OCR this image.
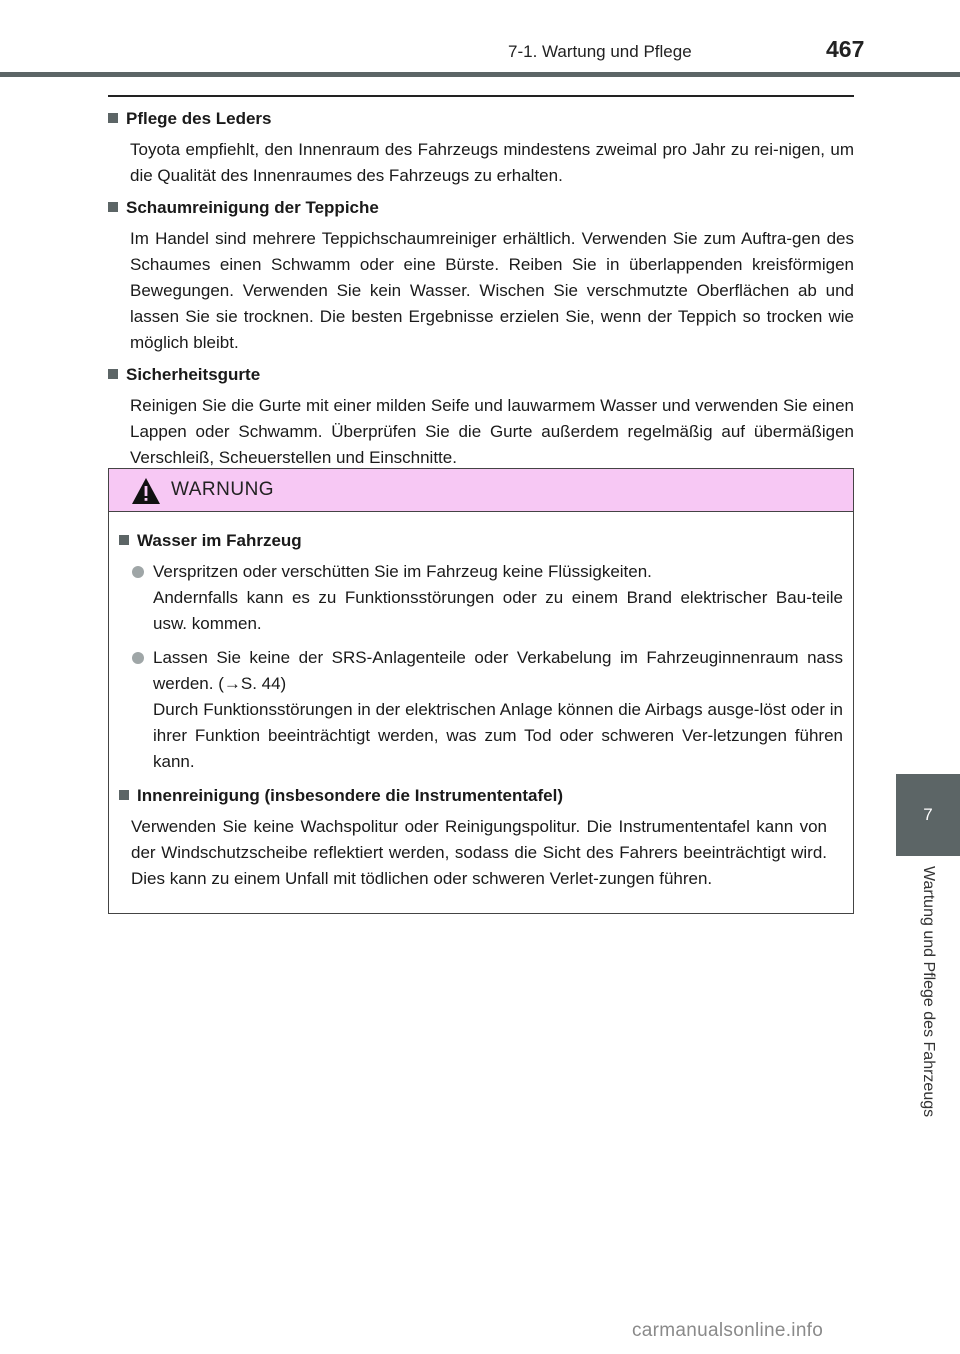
7-1. Wartung und Pflege	467
7
Wartung und Pflege des Fahrzeugs
Pflege des Leders

Toyota empfiehlt, den Innenraum des Fahrzeugs mindestens zweimal pro Jahr zu rei-nigen, um die Qualität des Innenraumes des Fahrzeugs zu erhalten.

Schaumreinigung der Teppiche

Im Handel sind mehrere Teppichschaumreiniger erhältlich. Verwenden Sie zum Auftra-gen des Schaumes einen Schwamm oder eine Bürste. Reiben Sie in überlappenden kreisförmigen Bewegungen. Verwenden Sie kein Wasser. Wischen Sie verschmutzte Oberflächen ab und lassen Sie sie trocknen. Die besten Ergebnisse erzielen Sie, wenn der Teppich so trocken wie möglich bleibt.

Sicherheitsgurte

Reinigen Sie die Gurte mit einer milden Seife und lauwarmem Wasser und verwenden Sie einen Lappen oder Schwamm. Überprüfen Sie die Gurte außerdem regelmäßig auf übermäßigen Verschleiß, Scheuerstellen und Einschnitte.

WARNUNG
Wasser im Fahrzeug
Verspritzen oder verschütten Sie im Fahrzeug keine Flüssigkeiten.
Andernfalls kann es zu Funktionsstörungen oder zu einem Brand elektrischer Bau-teile usw. kommen.
Lassen Sie keine der SRS-Anlagenteile oder Verkabelung im Fahrzeuginnenraum nass werden. (→S. 44)
Durch Funktionsstörungen in der elektrischen Anlage können die Airbags ausge-löst oder in ihrer Funktion beeinträchtigt werden, was zum Tod oder schweren Ver-letzungen führen kann.
Innenreinigung (insbesondere die Instrumententafel)

Verwenden Sie keine Wachspolitur oder Reinigungspolitur. Die Instrumententafel kann von der Windschutzscheibe reflektiert werden, sodass die Sicht des Fahrers beeinträchtigt wird. Dies kann zu einem Unfall mit tödlichen oder schweren Verlet-zungen führen.

carmanualsonline.info
